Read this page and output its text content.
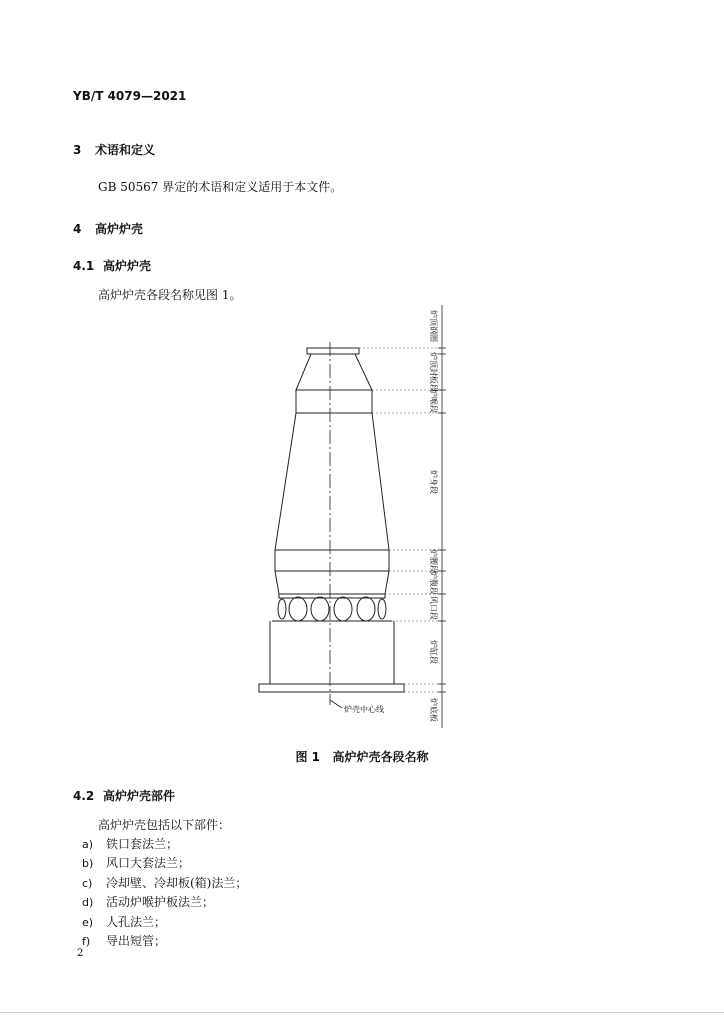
YB/T 4079—2021
3 术语和定义
GB 50567 界定的术语和定义适用于本文件。
4 高炉炉壳
4.1 高炉炉壳
高炉炉壳各段名称见图 1。
炉顶钢圈
炉顶封板段
炉喉段
炉身段
炉腰段
炉腹段
风口段
炉缸段
炉底板
炉壳中心线
图 1 高炉炉壳各段名称
4.2 高炉炉壳部件
高炉炉壳包括以下部件：
a) 铁口套法兰；
b) 风口大套法兰；
c) 冷却壁、冷却板(箱)法兰；
d) 活动炉喉护板法兰；
e) 人孔法兰；
f) 导出短管；
2
